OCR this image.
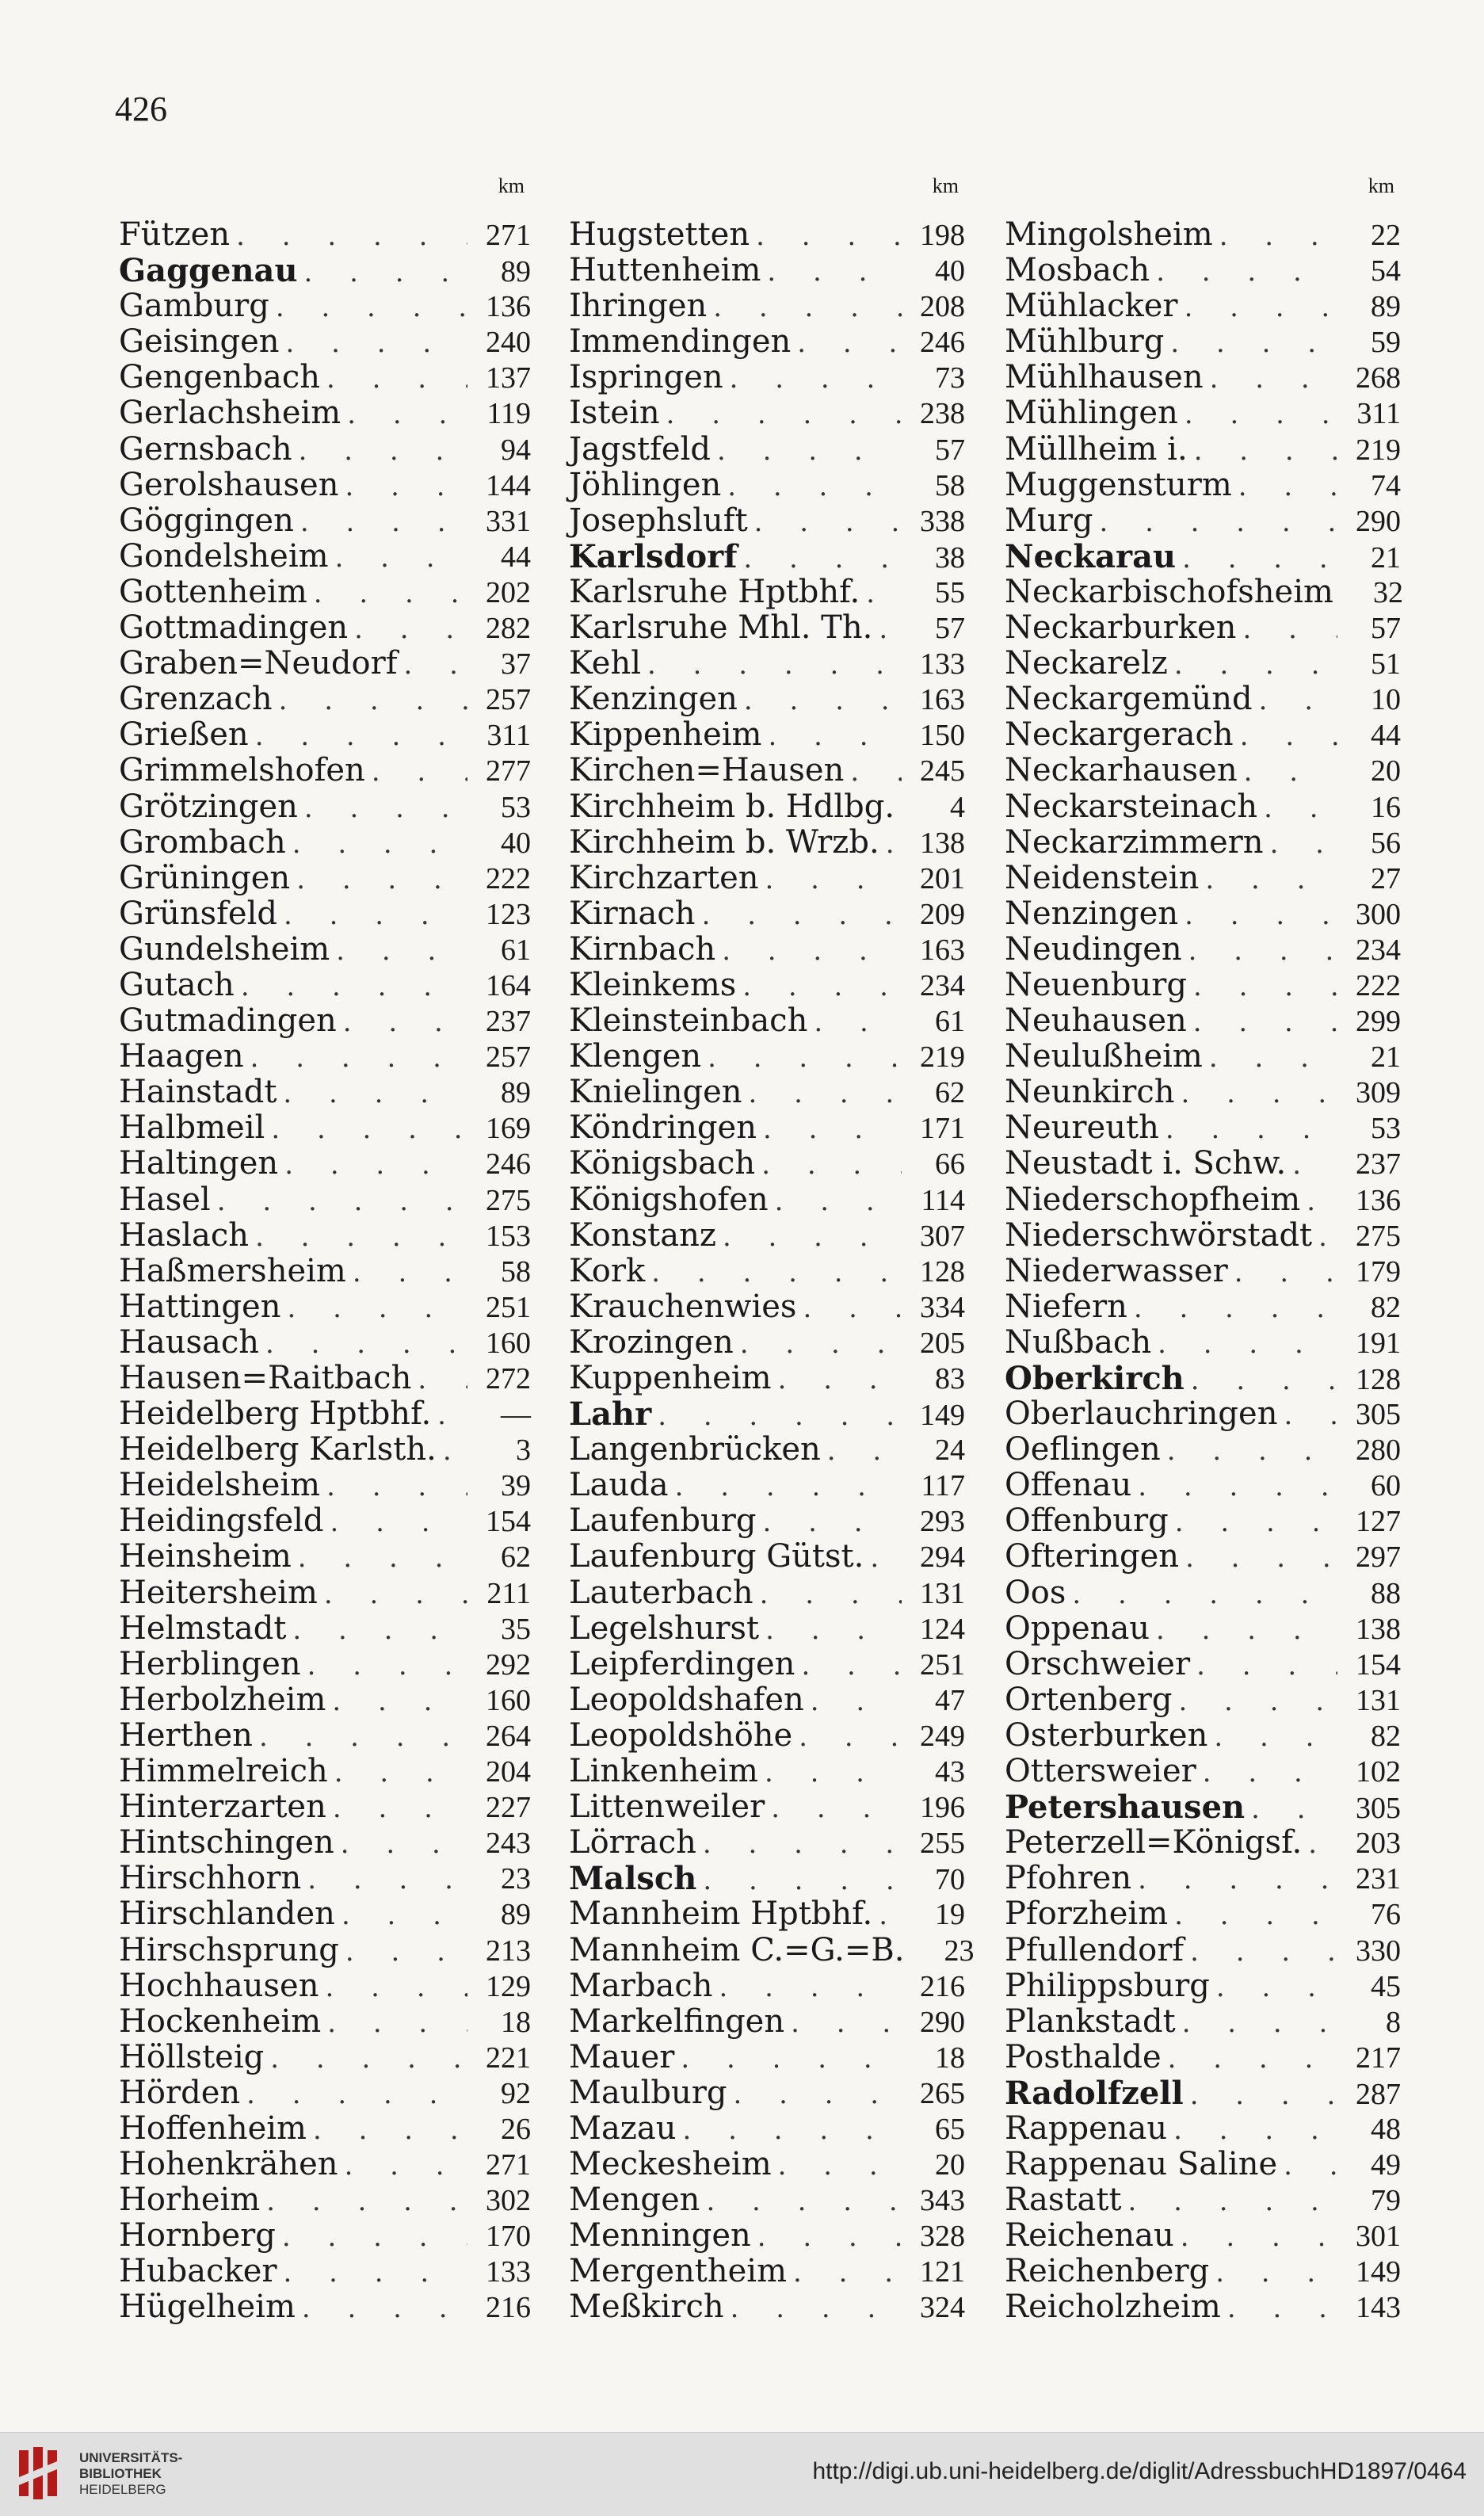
426
km
Fützen . . .	271
Gaggenau . . .	89
Gamburg . . .	136
Geisingen . . .	240
Gengenbach . . .	137
Gerlachsheim . . .	119
Gernsbach . . .	94
Gerolshausen . . .	144
Göggingen . . .	331
Gondelsheim . . .	44
Gottenheim . . .	202
Gottmadingen . . .	282
Graben=Neudorf . . .	37
Grenzach . . .	257
Grießen . . .	311
Grimmelshofen . . .	277
Grötzingen . . .	53
Grombach . . .	40
Grüningen . . .	222
Grünsfeld . . .	123
Gundelsheim . . .	61
Gutach . . .	164
Gutmadingen . . .	237
Haagen . . .	257
Hainstadt . . .	89
Halbmeil . . .	169
Haltingen . . .	246
Hasel . . .	275
Haslach . . .	153
Haßmersheim . . .	58
Hattingen . . .	251
Hausach . . .	160
Hausen=Raitbach . . .	272
Heidelberg Hptbhf. . . .	—
Heidelberg Karlsth. . . .	3
Heidelsheim . . .	39
Heidingsfeld . . .	154
Heinsheim . . .	62
Heitersheim . . .	211
Helmstadt . . .	35
Herblingen . . .	292
Herbolzheim . . .	160
Herthen . . .	264
Himmelreich . . .	204
Hinterzarten . . .	227
Hintschingen . . .	243
Hirschhorn . . .	23
Hirschlanden . . .	89
Hirschsprung . . .	213
Hochhausen . . .	129
Hockenheim . . .	18
Höllsteig . . .	221
Hörden . . .	92
Hoffenheim . . .	26
Hohenkrähen . . .	271
Horheim . . .	302
Hornberg . . .	170
Hubacker . . .	133
Hügelheim . . .	216
km
Hugstetten . . .	198
Huttenheim . . .	40
Ihringen . . .	208
Immendingen . . .	246
Ispringen . . .	73
Istein . . .	238
Jagstfeld . . .	57
Jöhlingen . . .	58
Josephsluft . . .	338
Karlsdorf . . .	38
Karlsruhe Hptbhf. . . .	55
Karlsruhe Mhl. Th. . . .	57
Kehl . . .	133
Kenzingen . . .	163
Kippenheim . . .	150
Kirchen=Hausen . . .	245
Kirchheim b. Hdlbg. . . .	4
Kirchheim b. Wrzb. . . .	138
Kirchzarten . . .	201
Kirnach . . .	209
Kirnbach . . .	163
Kleinkems . . .	234
Kleinsteinbach . . .	61
Klengen . . .	219
Knielingen . . .	62
Köndringen . . .	171
Königsbach . . .	66
Königshofen . . .	114
Konstanz . . .	307
Kork . . .	128
Krauchenwies . . .	334
Krozingen . . .	205
Kuppenheim . . .	83
Lahr . . .	149
Langenbrücken . . .	24
Lauda . . .	117
Laufenburg . . .	293
Laufenburg Gütst. . . .	294
Lauterbach . . .	131
Legelshurst . . .	124
Leipferdingen . . .	251
Leopoldshafen . . .	47
Leopoldshöhe . . .	249
Linkenheim . . .	43
Littenweiler . . .	196
Lörrach . . .	255
Malsch . . .	70
Mannheim Hptbhf. . . .	19
Mannheim C.=G.=B. . . .	23
Marbach . . .	216
Markelfingen . . .	290
Mauer . . .	18
Maulburg . . .	265
Mazau . . .	65
Meckesheim . . .	20
Mengen . . .	343
Menningen . . .	328
Mergentheim . . .	121
Meßkirch . . .	324
km
Mingolsheim . . .	22
Mosbach . . .	54
Mühlacker . . .	89
Mühlburg . . .	59
Mühlhausen . . .	268
Mühlingen . . .	311
Müllheim i. . . .	219
Muggensturm . . .	74
Murg . . .	290
Neckarau . . .	21
Neckarbischofsheim . . .	32
Neckarburken . . .	57
Neckarelz . . .	51
Neckargemünd . . .	10
Neckargerach . . .	44
Neckarhausen . . .	20
Neckarsteinach . . .	16
Neckarzimmern . . .	56
Neidenstein . . .	27
Nenzingen . . .	300
Neudingen . . .	234
Neuenburg . . .	222
Neuhausen . . .	299
Neulußheim . . .	21
Neunkirch . . .	309
Neureuth . . .	53
Neustadt i. Schw. . . .	237
Niederschopfheim . . .	136
Niederschwörstadt . . .	275
Niederwasser . . .	179
Niefern . . .	82
Nußbach . . .	191
Oberkirch . . .	128
Oberlauchringen . . .	305
Oeflingen . . .	280
Offenau . . .	60
Offenburg . . .	127
Ofteringen . . .	297
Oos . . .	88
Oppenau . . .	138
Orschweier . . .	154
Ortenberg . . .	131
Osterburken . . .	82
Ottersweier . . .	102
Petershausen . . .	305
Peterzell=Königsf. . . .	203
Pfohren . . .	231
Pforzheim . . .	76
Pfullendorf . . .	330
Philippsburg . . .	45
Plankstadt . . .	8
Posthalde . . .	217
Radolfzell . . .	287
Rappenau . . .	48
Rappenau Saline . . .	49
Rastatt . . .	79
Reichenau . . .	301
Reichenberg . . .	149
Reicholzheim . . .	143
UNIVERSITÄTS-
BIBLIOTHEK
HEIDELBERG
http://digi.ub.uni-heidelberg.de/diglit/AdressbuchHD1897/0464
